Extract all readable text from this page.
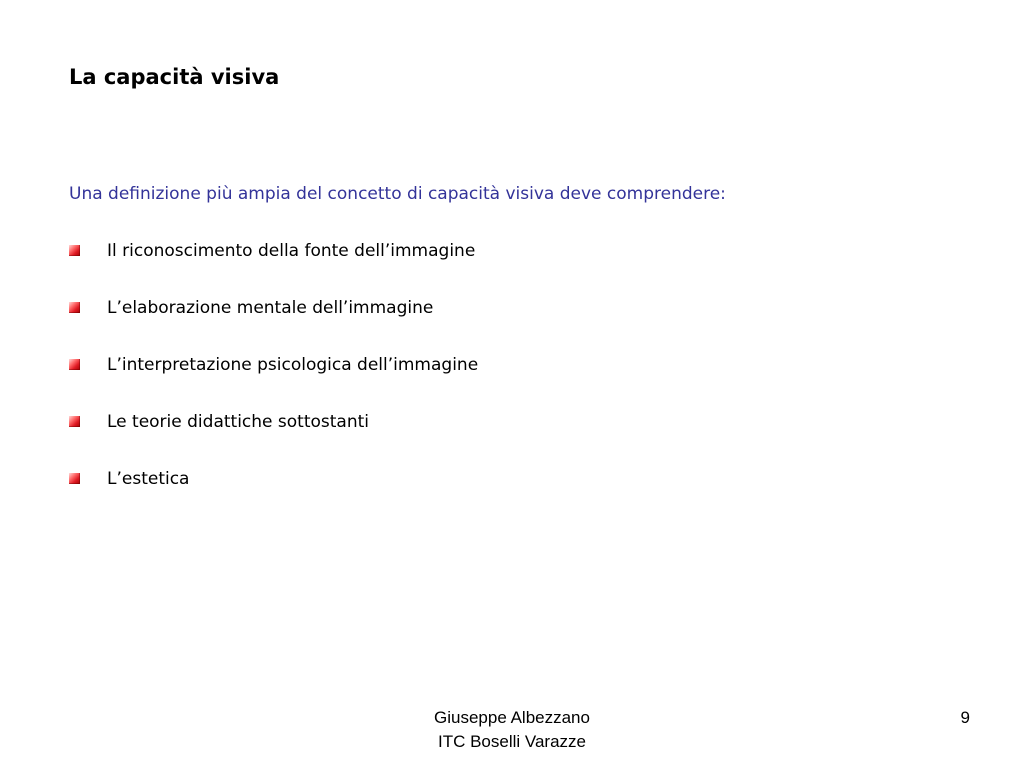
La capacità visiva
Una definizione più ampia del concetto di capacità visiva deve comprendere:
Il riconoscimento della fonte dell’immagine
L’elaborazione mentale dell’immagine
L’interpretazione psicologica dell’immagine
Le teorie didattiche sottostanti
L’estetica
Giuseppe Albezzano
ITC Boselli Varazze
9
